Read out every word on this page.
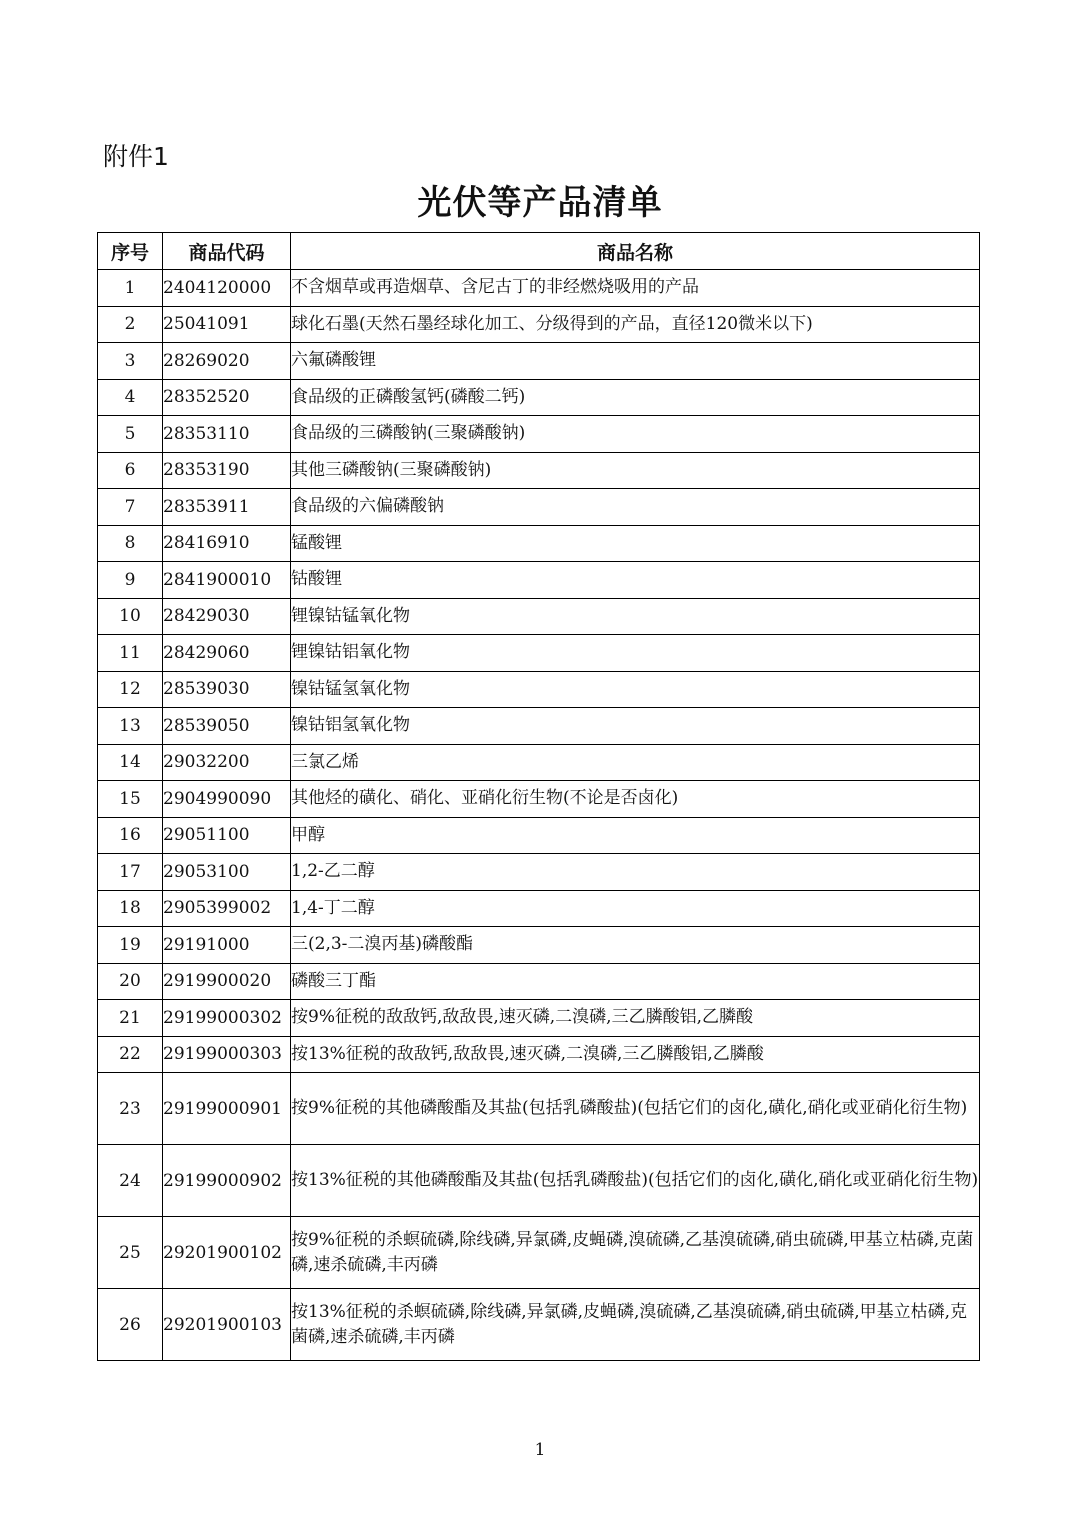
附件1
光伏等产品清单
序号	商品代码	商品名称
1	2404120000	不含烟草或再造烟草、含尼古丁的非经燃烧吸用的产品
2	25041091	球化石墨(天然石墨经球化加工、分级得到的产品，直径120微米以下)
3	28269020	六氟磷酸锂
4	28352520	食品级的正磷酸氢钙(磷酸二钙)
5	28353110	食品级的三磷酸钠(三聚磷酸钠)
6	28353190	其他三磷酸钠(三聚磷酸钠)
7	28353911	食品级的六偏磷酸钠
8	28416910	锰酸锂
9	2841900010	钴酸锂
10	28429030	锂镍钴锰氧化物
11	28429060	锂镍钴铝氧化物
12	28539030	镍钴锰氢氧化物
13	28539050	镍钴铝氢氧化物
14	29032200	三氯乙烯
15	2904990090	其他烃的磺化、硝化、亚硝化衍生物(不论是否卤化)
16	29051100	甲醇
17	29053100	1,2-乙二醇
18	2905399002	1,4-丁二醇
19	29191000	三(2,3-二溴丙基)磷酸酯
20	2919900020	磷酸三丁酯
21	29199000302	按9%征税的敌敌钙,敌敌畏,速灭磷,二溴磷,三乙膦酸铝,乙膦酸
22	29199000303	按13%征税的敌敌钙,敌敌畏,速灭磷,二溴磷,三乙膦酸铝,乙膦酸
23	29199000901	按9%征税的其他磷酸酯及其盐(包括乳磷酸盐)(包括它们的卤化,磺化,硝化或亚硝化衍生物)
24	29199000902	按13%征税的其他磷酸酯及其盐(包括乳磷酸盐)(包括它们的卤化,磺化,硝化或亚硝化衍生物)
25	29201900102	按9%征税的杀螟硫磷,除线磷,异氯磷,皮蝇磷,溴硫磷,乙基溴硫磷,硝虫硫磷,甲基立枯磷,克菌磷,速杀硫磷,丰丙磷
26	29201900103	按13%征税的杀螟硫磷,除线磷,异氯磷,皮蝇磷,溴硫磷,乙基溴硫磷,硝虫硫磷,甲基立枯磷,克菌磷,速杀硫磷,丰丙磷
1
